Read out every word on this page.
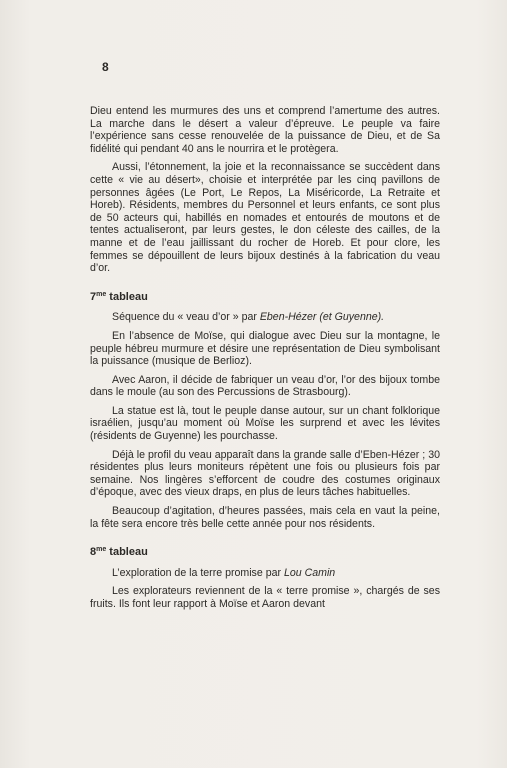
8

Dieu entend les murmures des uns et comprend l’amertume des autres. La marche dans le désert a valeur d’épreuve. Le peuple va faire l’expérience sans cesse renouvelée de la puissance de Dieu, et de Sa fidélité qui pendant 40 ans le nourrira et le protègera.

Aussi, l’étonnement, la joie et la reconnaissance se succèdent dans cette « vie au désert», choisie et interprétée par les cinq pavillons de personnes âgées (Le Port, Le Repos, La Miséricorde, La Retraite et Horeb). Résidents, membres du Personnel et leurs enfants, ce sont plus de 50 acteurs qui, habillés en nomades et entourés de moutons et de tentes actualiseront, par leurs gestes, le don céleste des cailles, de la manne et de l’eau jaillissant du rocher de Horeb. Et pour clore, les femmes se dépouillent de leurs bijoux destinés à la fabrication du veau d’or.

$7^{me}$ tableau

Séquence du « veau d’or » par Eben-Hézer (et Guyenne).

En l’absence de Moïse, qui dialogue avec Dieu sur la montagne, le peuple hébreu murmure et désire une représentation de Dieu symbolisant la puissance (musique de Berlioz).

Avec Aaron, il décide de fabriquer un veau d’or, l’or des bijoux tombe dans le moule (au son des Percussions de Strasbourg).

La statue est là, tout le peuple danse autour, sur un chant folklorique israélien, jusqu’au moment où Moïse les surprend et avec les lévites (résidents de Guyenne) les pourchasse.

Déjà le profil du veau apparaît dans la grande salle d’Eben-Hézer ; 30 résidentes plus leurs moniteurs répètent une fois ou plusieurs fois par semaine. Nos lingères s’efforcent de coudre des costumes originaux d’époque, avec des vieux draps, en plus de leurs tâches habituelles.

Beaucoup d’agitation, d’heures passées, mais cela en vaut la peine, la fête sera encore très belle cette année pour nos résidents.

$8^{me}$ tableau

L’exploration de la terre promise par Lou Camin

Les explorateurs reviennent de la « terre promise », chargés de ses fruits. Ils font leur rapport à Moïse et Aaron devant
